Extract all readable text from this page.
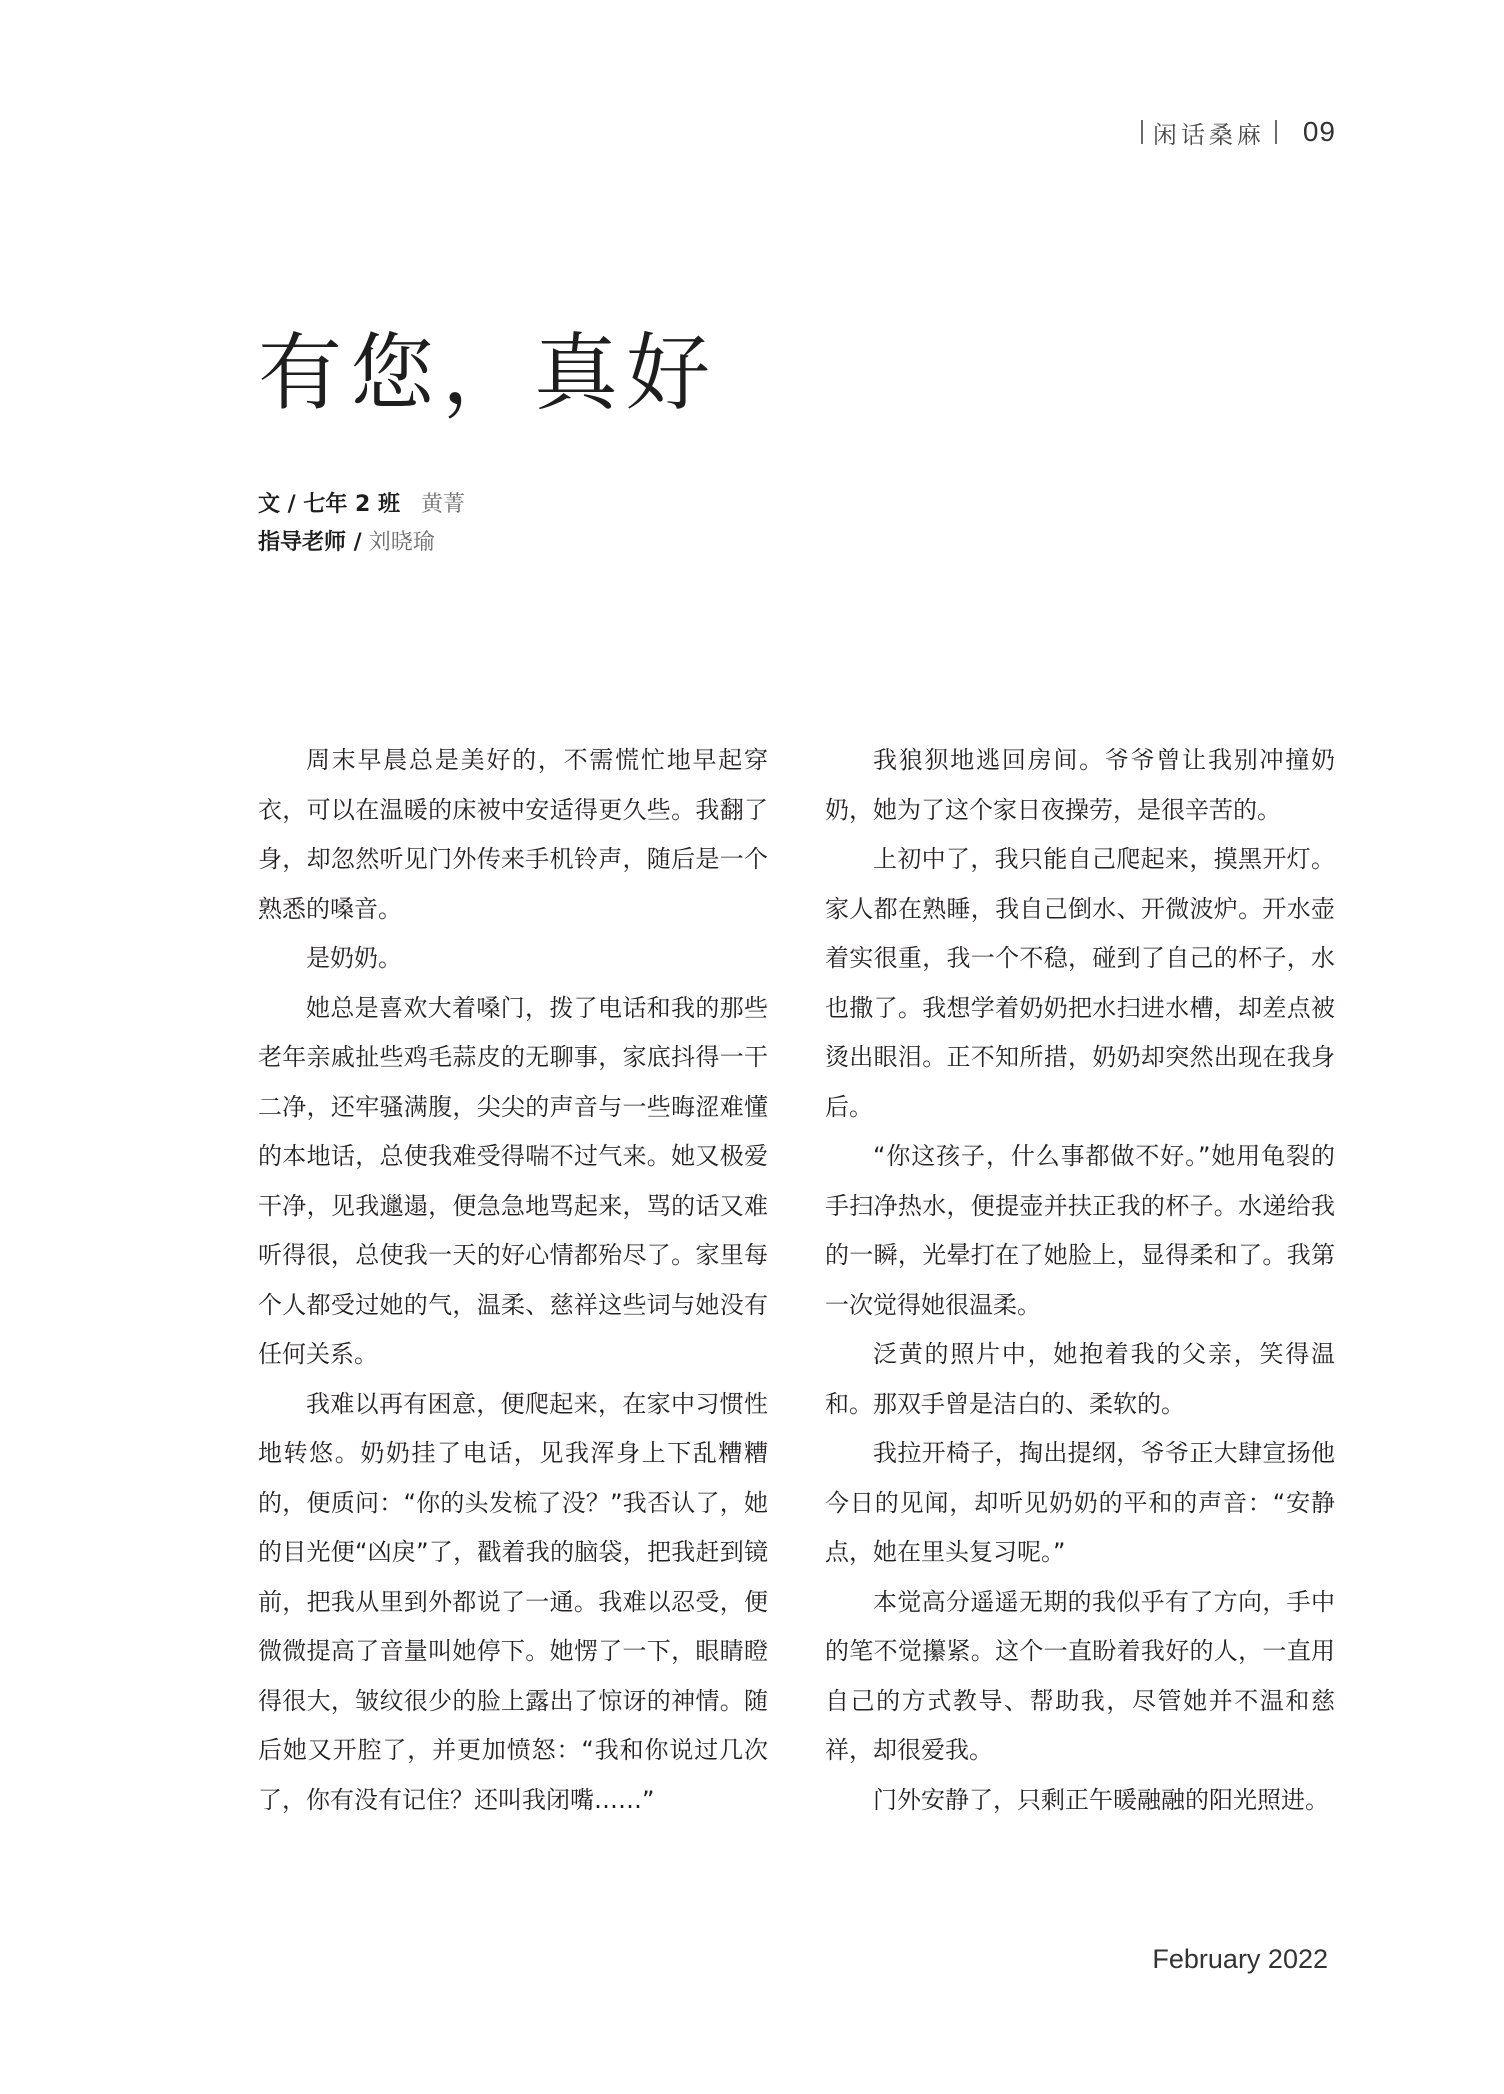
闲话桑麻 09
有您，真好
文 / 七年 2 班 黄菁
指导老师 / 刘晓瑜

周末早晨总是美好的，不需慌忙地早起穿衣，可以在温暖的床被中安适得更久些。我翻了身，却忽然听见门外传来手机铃声，随后是一个熟悉的嗓音。

是奶奶。

她总是喜欢大着嗓门，拨了电话和我的那些老年亲戚扯些鸡毛蒜皮的无聊事，家底抖得一干二净，还牢骚满腹，尖尖的声音与一些晦涩难懂的本地话，总使我难受得喘不过气来。她又极爱干净，见我邋遢，便急急地骂起来，骂的话又难听得很，总使我一天的好心情都殆尽了。家里每个人都受过她的气，温柔、慈祥这些词与她没有任何关系。

我难以再有困意，便爬起来，在家中习惯性地转悠。奶奶挂了电话，见我浑身上下乱糟糟的，便质问：“你的头发梳了没？”我否认了，她的目光便“凶戾”了，戳着我的脑袋，把我赶到镜前，把我从里到外都说了一通。我难以忍受，便微微提高了音量叫她停下。她愣了一下，眼睛瞪得很大，皱纹很少的脸上露出了惊讶的神情。随后她又开腔了，并更加愤怒：“我和你说过几次了，你有没有记住？还叫我闭嘴……”

我狼狈地逃回房间。爷爷曾让我别冲撞奶奶，她为了这个家日夜操劳，是很辛苦的。

上初中了，我只能自己爬起来，摸黑开灯。家人都在熟睡，我自己倒水、开微波炉。开水壶着实很重，我一个不稳，碰到了自己的杯子，水也撒了。我想学着奶奶把水扫进水槽，却差点被烫出眼泪。正不知所措，奶奶却突然出现在我身后。

“你这孩子，什么事都做不好。”她用龟裂的手扫净热水，便提壶并扶正我的杯子。水递给我的一瞬，光晕打在了她脸上，显得柔和了。我第一次觉得她很温柔。

泛黄的照片中，她抱着我的父亲，笑得温和。那双手曾是洁白的、柔软的。

我拉开椅子，掏出提纲，爷爷正大肆宣扬他今日的见闻，却听见奶奶的平和的声音：“安静点，她在里头复习呢。”

本觉高分遥遥无期的我似乎有了方向，手中的笔不觉攥紧。这个一直盼着我好的人，一直用自己的方式教导、帮助我，尽管她并不温和慈祥，却很爱我。

门外安静了，只剩正午暖融融的阳光照进。

February 2022
